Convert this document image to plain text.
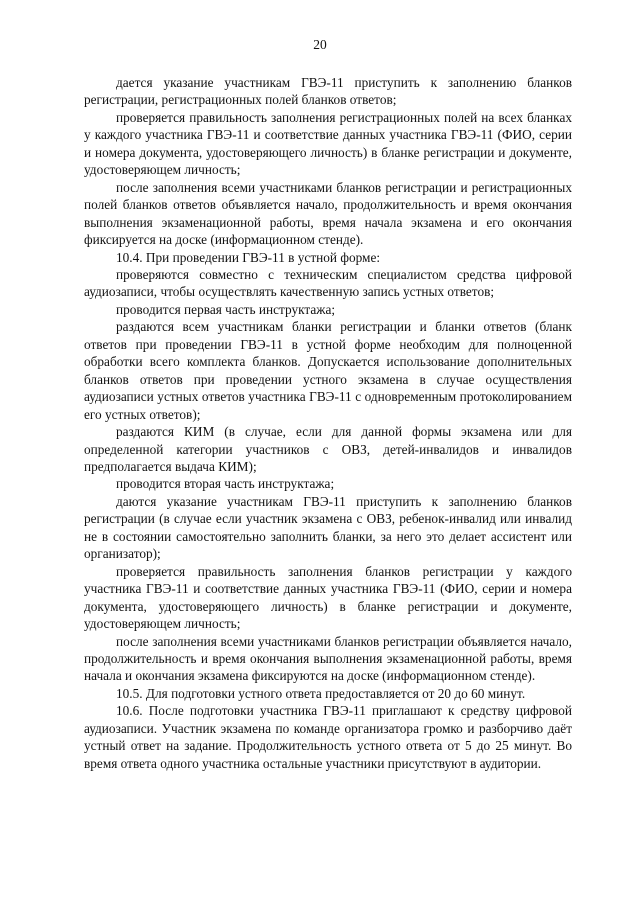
20

дается указание участникам ГВЭ-11 приступить к заполнению бланков регистрации, регистрационных полей бланков ответов;

проверяется правильность заполнения регистрационных полей на всех бланках у каждого участника ГВЭ-11 и соответствие данных участника ГВЭ-11 (ФИО, серии и номера документа, удостоверяющего личность) в бланке регистрации и документе, удостоверяющем личность;

после заполнения всеми участниками бланков регистрации и регистрационных полей бланков ответов объявляется начало, продолжительность и время окончания выполнения экзаменационной работы, время начала экзамена и его окончания фиксируется на доске (информационном стенде).

10.4. При проведении ГВЭ-11 в устной форме:

проверяются совместно с техническим специалистом средства цифровой аудиозаписи, чтобы осуществлять качественную запись устных ответов;

проводится первая часть инструктажа;

раздаются всем участникам бланки регистрации и бланки ответов (бланк ответов при проведении ГВЭ-11 в устной форме необходим для полноценной обработки всего комплекта бланков. Допускается использование дополнительных бланков ответов при проведении устного экзамена в случае осуществления аудиозаписи устных ответов участника ГВЭ-11 с одновременным протоколированием его устных ответов);

раздаются КИМ (в случае, если для данной формы экзамена или для определенной категории участников с ОВЗ, детей-инвалидов и инвалидов предполагается выдача КИМ);

проводится вторая часть инструктажа;

даются указание участникам ГВЭ-11 приступить к заполнению бланков регистрации (в случае если участник экзамена с ОВЗ, ребенок-инвалид или инвалид не в состоянии самостоятельно заполнить бланки, за него это делает ассистент или организатор);

проверяется правильность заполнения бланков регистрации у каждого участника ГВЭ-11 и соответствие данных участника ГВЭ-11 (ФИО, серии и номера документа, удостоверяющего личность) в бланке регистрации и документе, удостоверяющем личность;

после заполнения всеми участниками бланков регистрации объявляется начало, продолжительность и время окончания выполнения экзаменационной работы, время начала и окончания экзамена фиксируются на доске (информационном стенде).

10.5. Для подготовки устного ответа предоставляется от 20 до 60 минут.

10.6. После подготовки участника ГВЭ-11 приглашают к средству цифровой аудиозаписи. Участник экзамена по команде организатора громко и разборчиво даёт устный ответ на задание. Продолжительность устного ответа от 5 до 25 минут. Во время ответа одного участника остальные участники присутствуют в аудитории.
